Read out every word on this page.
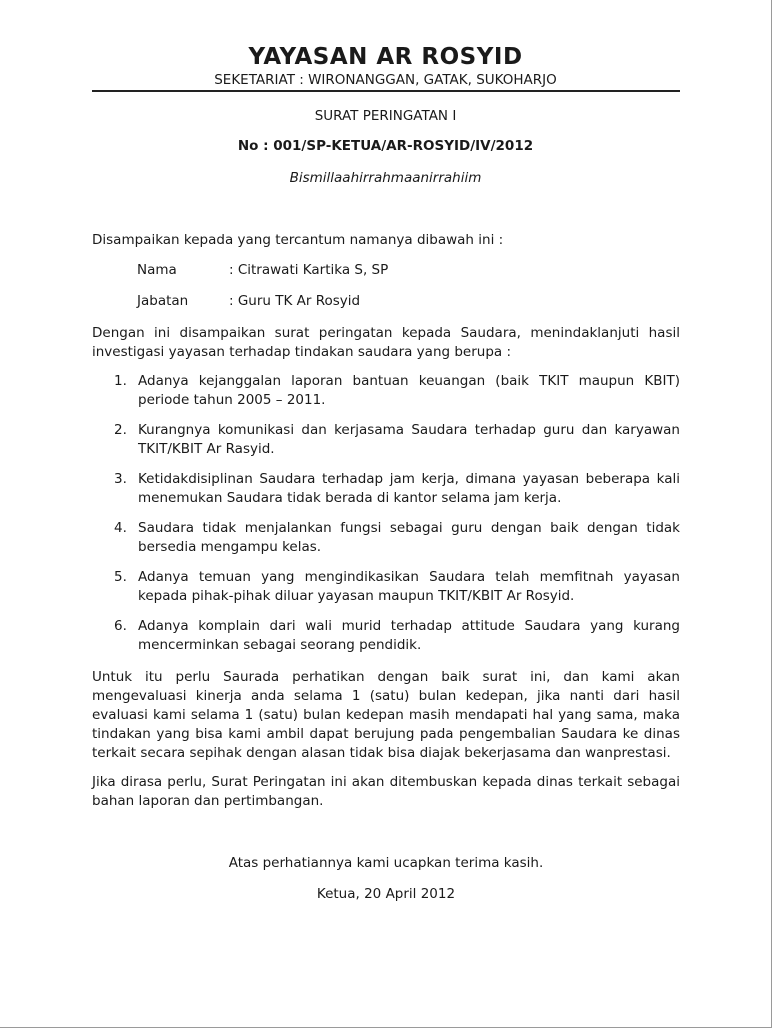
YAYASAN AR ROSYID
SEKETARIAT : WIRONANGGAN, GATAK, SUKOHARJO
SURAT PERINGATAN I
No : 001/SP-KETUA/AR-ROSYID/IV/2012
Bismillaahirrahmaanirrahiim
Disampaikan kepada yang tercantum namanya dibawah ini :
Nama	: Citrawati Kartika S, SP
Jabatan	: Guru TK Ar Rosyid
Dengan ini disampaikan surat peringatan kepada Saudara, menindaklanjuti hasil investigasi yayasan terhadap tindakan saudara yang berupa :
1. Adanya kejanggalan laporan bantuan keuangan (baik TKIT maupun KBIT) periode tahun 2005 – 2011.
2. Kurangnya komunikasi dan kerjasama Saudara terhadap guru dan karyawan TKIT/KBIT Ar Rasyid.
3. Ketidakdisiplinan Saudara terhadap jam kerja, dimana yayasan beberapa kali menemukan Saudara tidak berada di kantor selama jam kerja.
4. Saudara tidak menjalankan fungsi sebagai guru dengan baik dengan tidak bersedia mengampu kelas.
5. Adanya temuan yang mengindikasikan Saudara telah memfitnah yayasan kepada pihak-pihak diluar yayasan maupun TKIT/KBIT Ar Rosyid.
6. Adanya komplain dari wali murid terhadap attitude Saudara yang kurang mencerminkan sebagai seorang pendidik.
Untuk itu perlu Saurada perhatikan dengan baik surat ini, dan kami akan mengevaluasi kinerja anda selama 1 (satu) bulan kedepan, jika nanti dari hasil evaluasi kami selama 1 (satu) bulan kedepan masih mendapati hal yang sama, maka tindakan yang bisa kami ambil dapat berujung pada pengembalian Saudara ke dinas terkait secara sepihak dengan alasan tidak bisa diajak bekerjasama dan wanprestasi.
Jika dirasa perlu, Surat Peringatan ini akan ditembuskan kepada dinas terkait sebagai bahan laporan dan pertimbangan.
Atas perhatiannya kami ucapkan terima kasih.
Ketua, 20 April 2012
